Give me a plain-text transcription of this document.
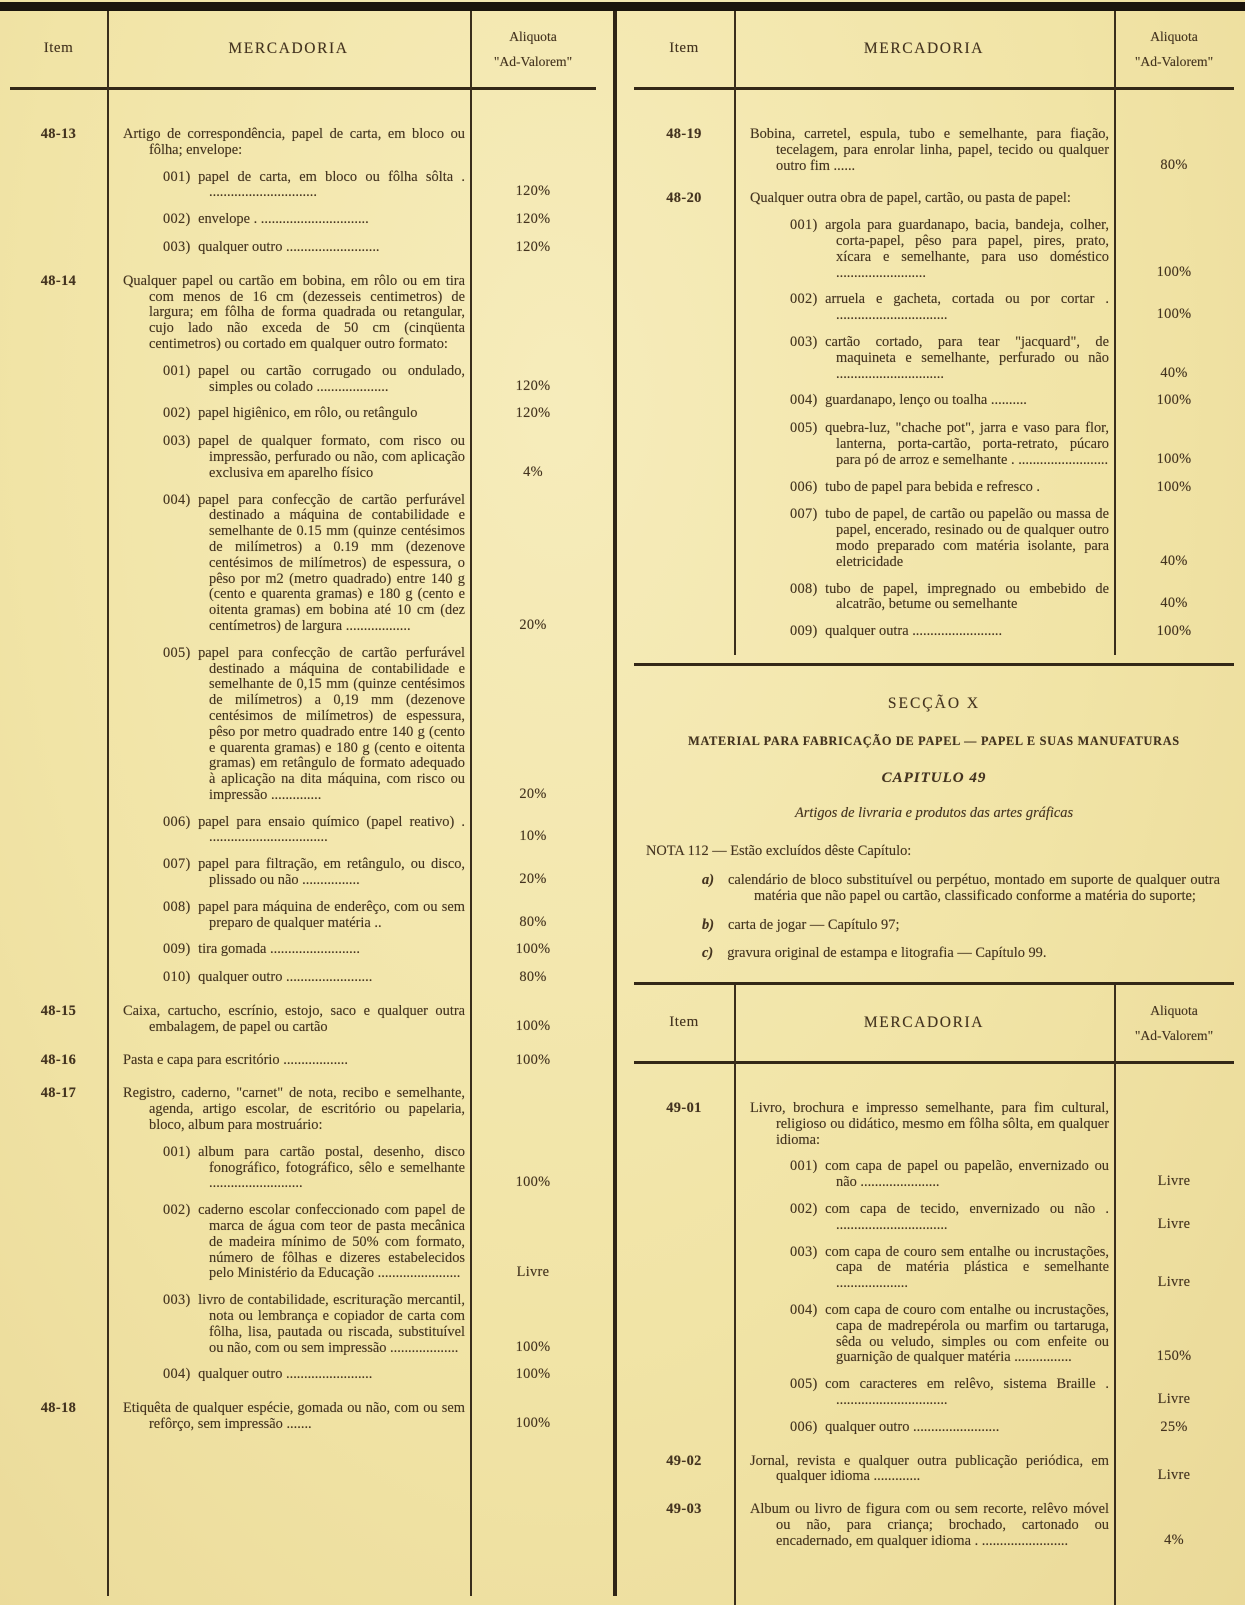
Item	MERCADORIA
Aliquota
"Ad-Valorem"
48-13	Artigo de correspondência, papel de carta, em bloco ou fôlha; envelope:
001) papel de carta, em bloco ou fôlha sôlta . ..............................	120%
002) envelope . ..............................	120%
003) qualquer outro ..........................	120%
48-14	Qualquer papel ou cartão em bobina, em rôlo ou em tira com menos de 16 cm (dezesseis centimetros) de largura; em fôlha de forma quadrada ou retangular, cujo lado não exceda de 50 cm (cinqüenta centimetros) ou cortado em qualquer outro formato:
001) papel ou cartão corrugado ou ondulado, simples ou colado ....................	120%
002) papel higiênico, em rôlo, ou retângulo	120%
003) papel de qualquer formato, com risco ou impressão, perfurado ou não, com aplicação exclusiva em aparelho físico	4%
004) papel para confecção de cartão perfurável destinado a máquina de contabilidade e semelhante de 0.15 mm (quinze centésimos de milímetros) a 0.19 mm (dezenove centésimos de milímetros) de espessura, o pêso por m2 (metro quadrado) entre 140 g (cento e quarenta gramas) e 180 g (cento e oitenta gramas) em bobina até 10 cm (dez centímetros) de largura ..................	20%
005) papel para confecção de cartão perfurável destinado a máquina de contabilidade e semelhante de 0,15 mm (quinze centésimos de milímetros) a 0,19 mm (dezenove centésimos de milímetros) de espessura, pêso por metro quadrado entre 140 g (cento e quarenta gramas) e 180 g (cento e oitenta gramas) em retângulo de formato adequado à aplicação na dita máquina, com risco ou impressão ..............	20%
006) papel para ensaio químico (papel reativo) . .................................	10%
007) papel para filtração, em retângulo, ou disco, plissado ou não ................	20%
008) papel para máquina de enderêço, com ou sem preparo de qualquer matéria ..	80%
009) tira gomada .........................	100%
010) qualquer outro ........................	80%
48-15	Caixa, cartucho, escrínio, estojo, saco e qualquer outra embalagem, de papel ou cartão	100%
48-16	Pasta e capa para escritório ..................	100%
48-17	Registro, caderno, "carnet" de nota, recibo e semelhante, agenda, artigo escolar, de escritório ou papelaria, bloco, album para mostruário:
001) album para cartão postal, desenho, disco fonográfico, fotográfico, sêlo e semelhante ..........................	100%
002) caderno escolar confeccionado com papel de marca de água com teor de pasta mecânica de madeira mínimo de 50% com formato, número de fôlhas e dizeres estabelecidos pelo Ministério da Educação .......................	Livre
003) livro de contabilidade, escrituração mercantil, nota ou lembrança e copiador de carta com fôlha, lisa, pautada ou riscada, substituível ou não, com ou sem impressão ...................	100%
004) qualquer outro ........................	100%
48-18	Etiquêta de qualquer espécie, gomada ou não, com ou sem refôrço, sem impressão .......	100%
Item	MERCADORIA
Aliquota
"Ad-Valorem"
48-19	Bobina, carretel, espula, tubo e semelhante, para fiação, tecelagem, para enrolar linha, papel, tecido ou qualquer outro fim ......	80%
48-20	Qualquer outra obra de papel, cartão, ou pasta de papel:
001) argola para guardanapo, bacia, bandeja, colher, corta-papel, pêso para papel, pires, prato, xícara e semelhante, para uso doméstico .........................	100%
002) arruela e gacheta, cortada ou por cortar . ...............................	100%
003) cartão cortado, para tear "jacquard", de maquineta e semelhante, perfurado ou não ..............................	40%
004) guardanapo, lenço ou toalha ..........	100%
005) quebra-luz, "chache pot", jarra e vaso para flor, lanterna, porta-cartão, porta-retrato, púcaro para pó de arroz e semelhante . .........................	100%
006) tubo de papel para bebida e refresco .	100%
007) tubo de papel, de cartão ou papelão ou massa de papel, encerado, resinado ou de qualquer outro modo preparado com matéria isolante, para eletricidade	40%
008) tubo de papel, impregnado ou embebido de alcatrão, betume ou semelhante	40%
009) qualquer outra .........................	100%
SECÇÃO X
MATERIAL PARA FABRICAÇÃO DE PAPEL — PAPEL E SUAS MANUFATURAS
CAPITULO 49
Artigos de livraria e produtos das artes gráficas
NOTA 112 — Estão excluídos dêste Capítulo:
a) calendário de bloco substituível ou perpétuo, montado em suporte de qualquer outra matéria que não papel ou cartão, classificado conforme a matéria do suporte;
b) carta de jogar — Capítulo 97;
c) gravura original de estampa e litografia — Capítulo 99.
Item	MERCADORIA
Aliquota
"Ad-Valorem"
49-01	Livro, brochura e impresso semelhante, para fim cultural, religioso ou didático, mesmo em fôlha sôlta, em qualquer idioma:
001) com capa de papel ou papelão, envernizado ou não ......................	Livre
002) com capa de tecido, envernizado ou não . ...............................	Livre
003) com capa de couro sem entalhe ou incrustações, capa de matéria plástica e semelhante ....................	Livre
004) com capa de couro com entalhe ou incrustações, capa de madrepérola ou marfim ou tartaruga, sêda ou veludo, simples ou com enfeite ou guarnição de qualquer matéria ................	150%
005) com caracteres em relêvo, sistema Braille . ...............................	Livre
006) qualquer outro ........................	25%
49-02	Jornal, revista e qualquer outra publicação periódica, em qualquer idioma .............	Livre
49-03	Album ou livro de figura com ou sem recorte, relêvo móvel ou não, para criança; brochado, cartonado ou encadernado, em qualquer idioma . ........................	4%
